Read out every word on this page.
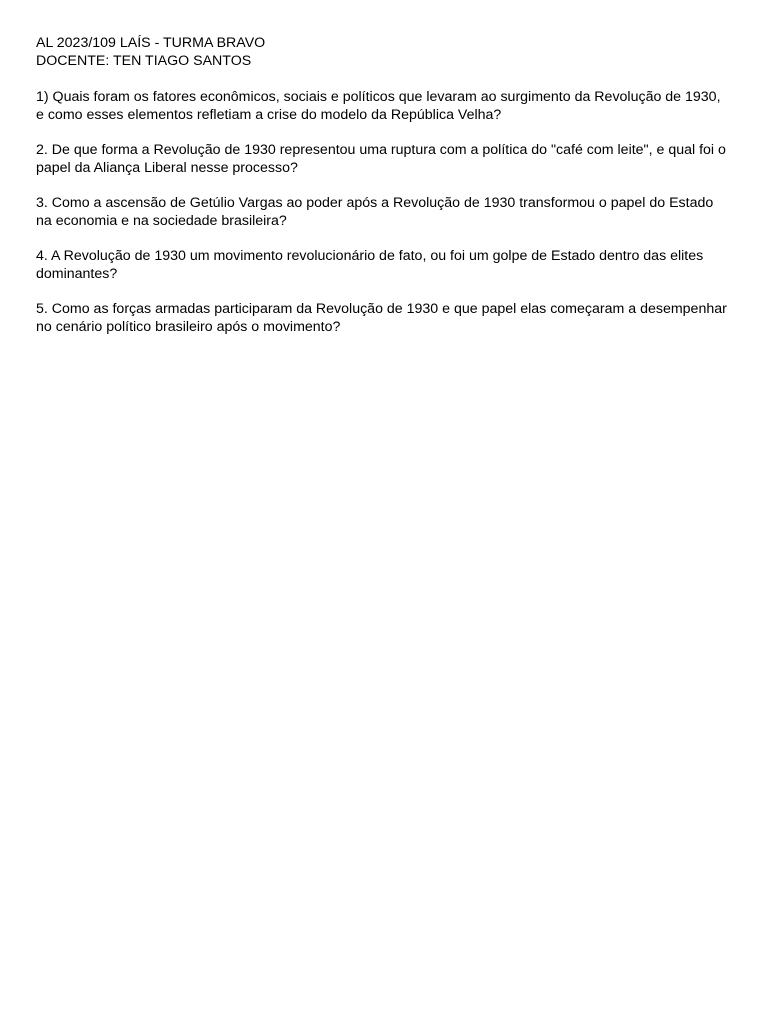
AL 2023/109 LAÍS - TURMA BRAVO

DOCENTE: TEN TIAGO SANTOS

1) Quais foram os fatores econômicos, sociais e políticos que levaram ao surgimento da Revolução de 1930,
e como esses elementos refletiam a crise do modelo da República Velha?
2. De que forma a Revolução de 1930 representou uma ruptura com a política do "café com leite", e qual foi o
papel da Aliança Liberal nesse processo?
3. Como a ascensão de Getúlio Vargas ao poder após a Revolução de 1930 transformou o papel do Estado
na economia e na sociedade brasileira?
4. A Revolução de 1930 um movimento revolucionário de fato, ou foi um golpe de Estado dentro das elites
dominantes?
5. Como as forças armadas participaram da Revolução de 1930 e que papel elas começaram a desempenhar
no cenário político brasileiro após o movimento?
